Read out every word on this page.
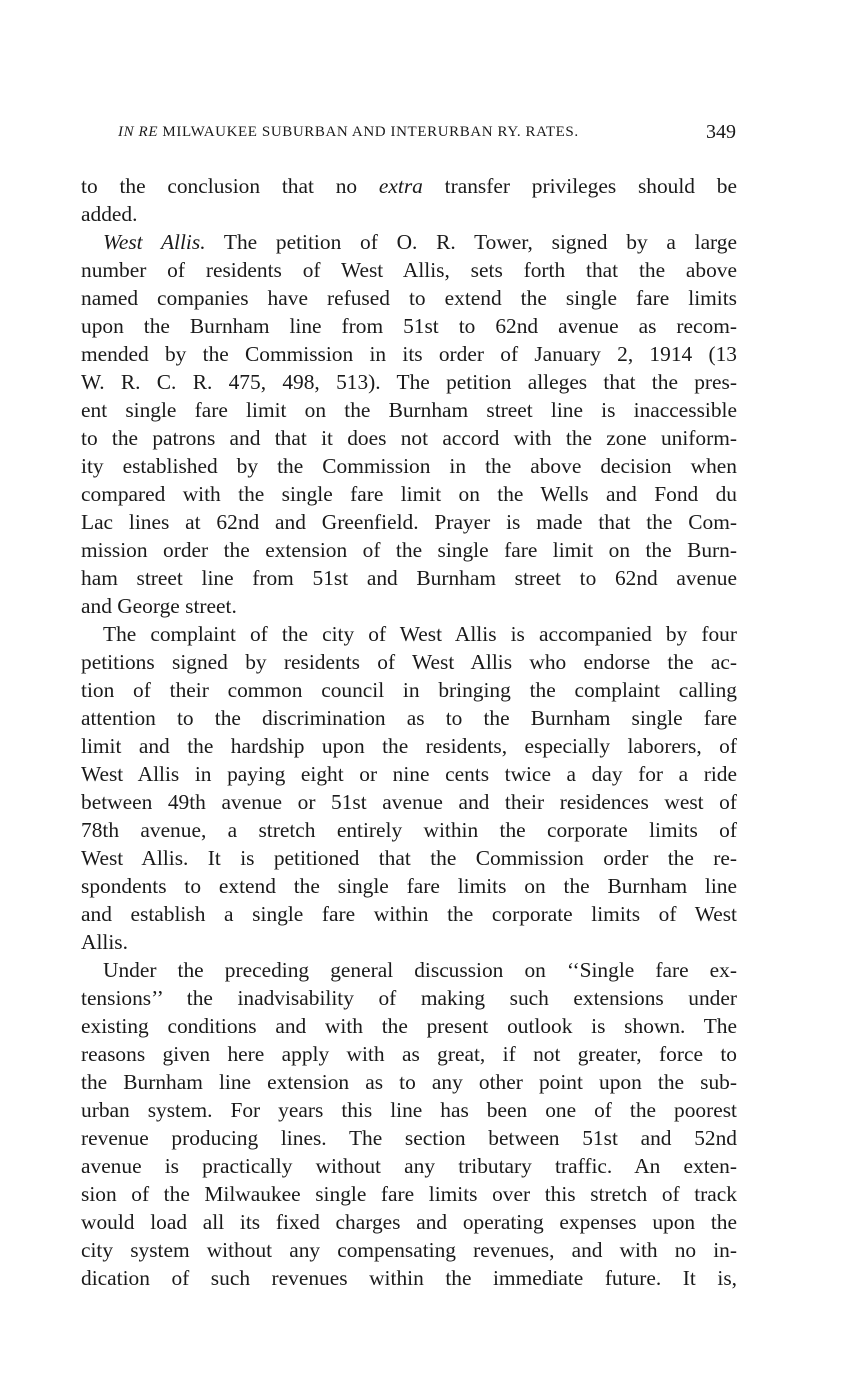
IN RE MILWAUKEE SUBURBAN AND INTERURBAN RY. RATES.	349
to the conclusion that no extra transfer privileges should be
added.
West Allis. The petition of O. R. Tower, signed by a large
number of residents of West Allis, sets forth that the above
named companies have refused to extend the single fare limits
upon the Burnham line from 51st to 62nd avenue as recom-
mended by the Commission in its order of January 2, 1914 (13
W. R. C. R. 475, 498, 513). The petition alleges that the pres-
ent single fare limit on the Burnham street line is inaccessible
to the patrons and that it does not accord with the zone uniform-
ity established by the Commission in the above decision when
compared with the single fare limit on the Wells and Fond du
Lac lines at 62nd and Greenfield. Prayer is made that the Com-
mission order the extension of the single fare limit on the Burn-
ham street line from 51st and Burnham street to 62nd avenue
and George street.
The complaint of the city of West Allis is accompanied by four
petitions signed by residents of West Allis who endorse the ac-
tion of their common council in bringing the complaint calling
attention to the discrimination as to the Burnham single fare
limit and the hardship upon the residents, especially laborers, of
West Allis in paying eight or nine cents twice a day for a ride
between 49th avenue or 51st avenue and their residences west of
78th avenue, a stretch entirely within the corporate limits of
West Allis. It is petitioned that the Commission order the re-
spondents to extend the single fare limits on the Burnham line
and establish a single fare within the corporate limits of West
Allis.
Under the preceding general discussion on ‘‘Single fare ex-
tensions’’ the inadvisability of making such extensions under
existing conditions and with the present outlook is shown. The
reasons given here apply with as great, if not greater, force to
the Burnham line extension as to any other point upon the sub-
urban system. For years this line has been one of the poorest
revenue producing lines. The section between 51st and 52nd
avenue is practically without any tributary traffic. An exten-
sion of the Milwaukee single fare limits over this stretch of track
would load all its fixed charges and operating expenses upon the
city system without any compensating revenues, and with no in-
dication of such revenues within the immediate future. It is,
